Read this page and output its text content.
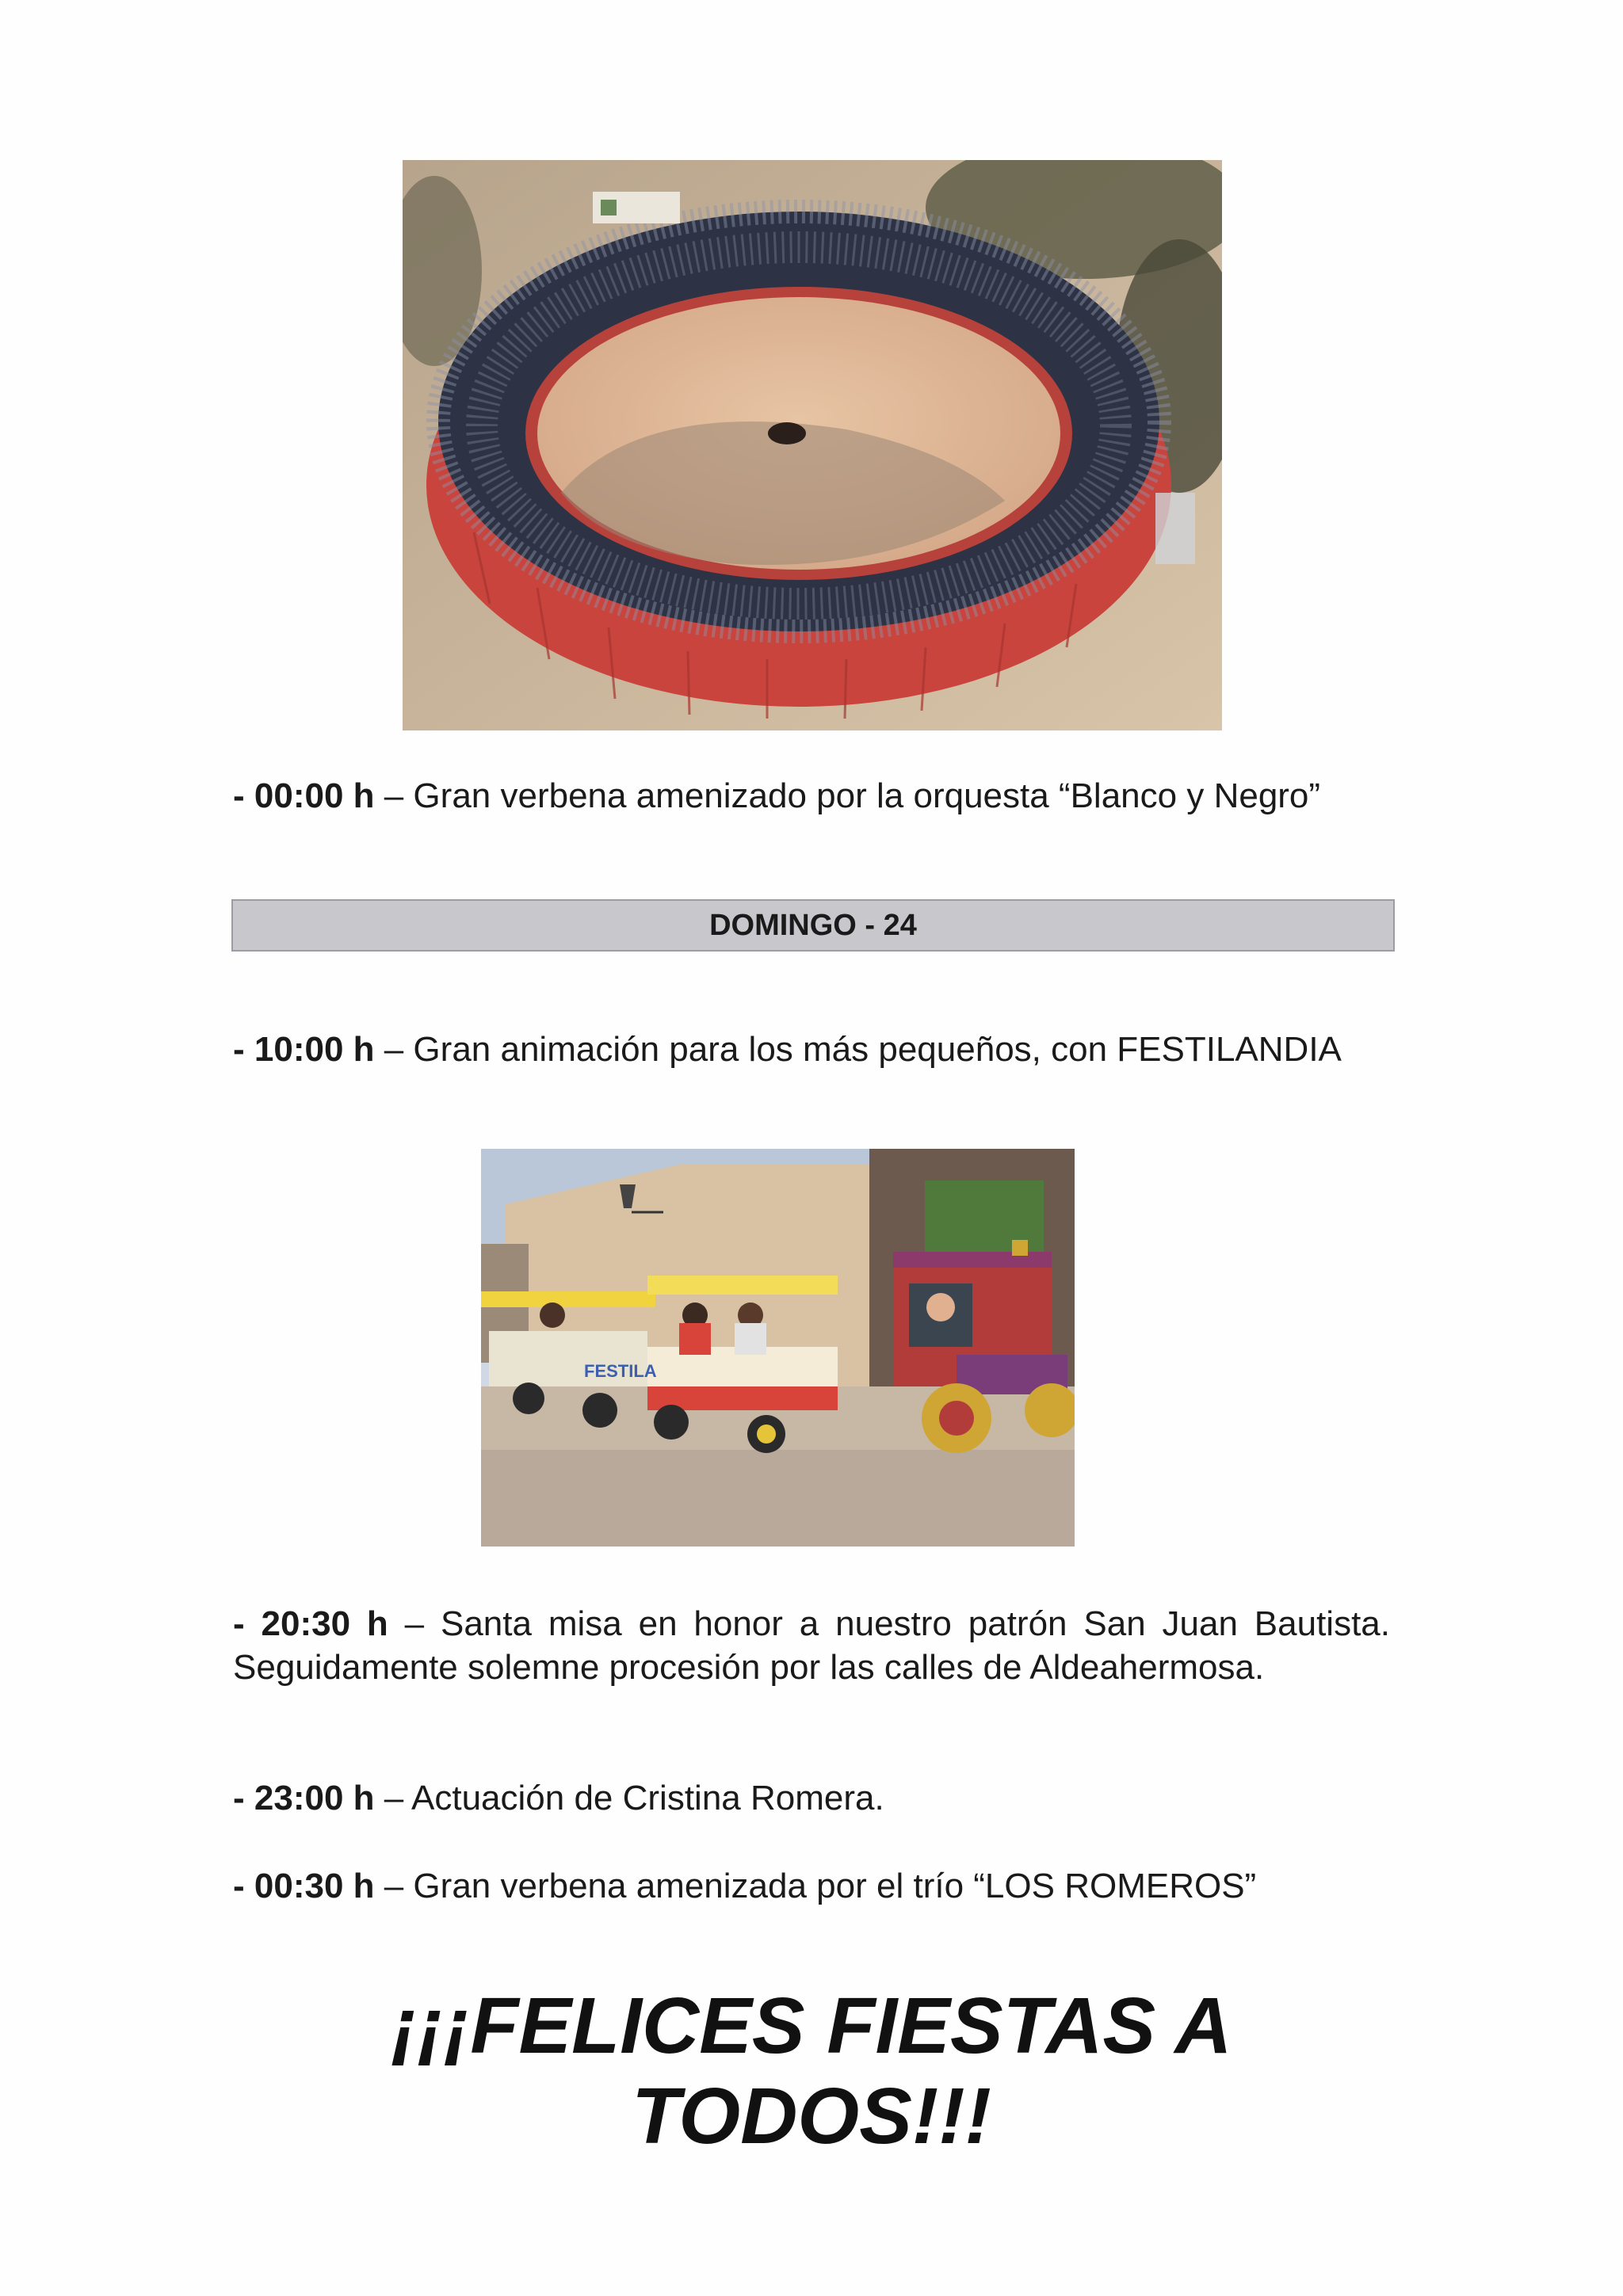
- 00:00 h – Gran verbena amenizado por la orquesta “Blanco y Negro”
DOMINGO - 24
- 10:00 h – Gran animación para los más pequeños, con FESTILANDIA
FESTILA
- 20:30 h – Santa misa en honor a nuestro patrón San Juan Bautista. Seguidamente solemne procesión por las calles de Aldeahermosa.
- 23:00 h – Actuación de Cristina Romera.
- 00:30 h – Gran verbena amenizada por el trío “LOS ROMEROS”
¡¡¡FELICES FIESTAS A
TODOS!!!
